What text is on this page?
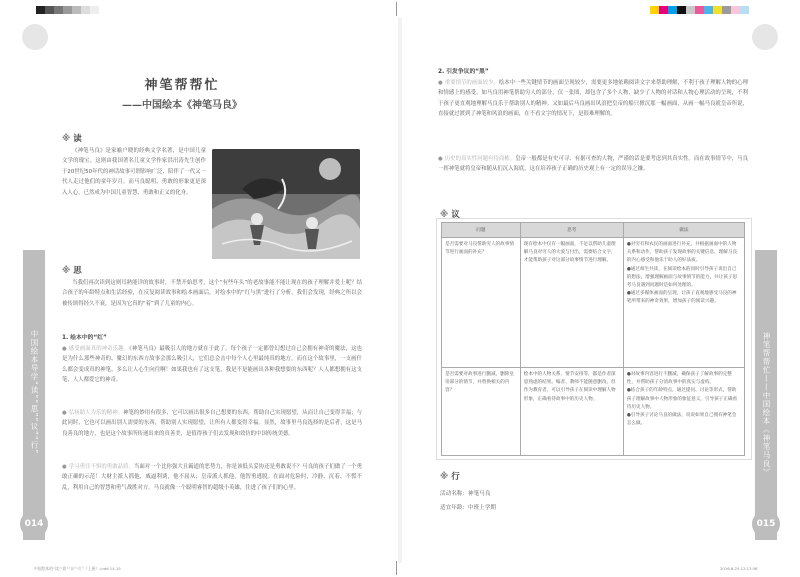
中国绘本导学“读”“思”“议”“行”
014
神笔帮帮忙——中国绘本《神笔马良》
015
神笔帮帮忙
——中国绘本《神笔马良》
※ 读

《神笔马良》是家喻户晓的经典文学名著，是中国儿童文学的瑰宝。这则由我国著名儿童文学作家洪汛涛先生创作于20世纪50年代的神话故事可谓影响广泛，陪伴了一代又一代人走过他们的童年岁月。而马良聪明、勇敢的形象更是深入人心，已然成为中国儿童智慧、勇敢和正义的化身。

※ 思

当我们再次读到这则耳熟能详的故事时，不禁开始思考，这个“有些年头”的老故事能不能让现在的孩子理解并爱上呢？结合孩子的年龄特点和生活经验，在反复阅读故事和绘本画面后，对绘本中的“红与黑”进行了分析。我们会发现，经典之所以会被传颂得经久不衰，是因为它真的“着”到了儿童的内心。

1. 绘本中的“红”
● 感受画面真的神奇乐趣。《神笔马良》最吸引人的地方就在于此了。每个孩子一定都曾幻想过自己会拥有神奇的魔法，这也是为什么那些神奇的、魔幻的东西方故事会那么吸引人，它们总会击中每个人心里最纯真的地方。而在这个故事里，一支画什么都会变成真的神笔，多么让人心生向往啊！如果我也有了这支笔，我是不是能画出各种我想要的东西呢？人人都想拥有这支笔，人人都爱它的神奇。
● 弘扬助人为乐的精神。神笔的妙用有很多，它可以画出很多自己想要的东西，帮助自己实现愿望，从而让自己变得幸福；与此同时，它也可以画出别人需要的东西，帮助别人实现愿望，让所有人都变得幸福。显然，故事里马良选择的是后者，这是马良善良的地方，也是这个故事所传递出来的真善美，是值得孩子们去发现和效仿的中国传统美德。
● 学习勇往不惧的勇敢品质。当面对一个比你强大且霸道的恶势力，你是该低头妥协还是勇敢说不？马良的孩子们做了一个勇敢正确的示范！大财主派人抓他，威逼利诱，他不屈从；皇帝派人抓他，他智勇逃脱。在面对危险时，冷静、沉着、不慌不乱，利用自己的智慧和勇气战胜对方。马良就像一个聪明睿智的超级小英雄，住进了孩子们的心里。
2. 引发争议的“黑”
● 重要情节的画面较少。绘本中一些关键情节的画面呈现较少，需要更多地依赖阅读文字来帮助理解，不利于孩子理解人物的心理和情感上的感受。如马良用神笔帮助穷人的部分，仅一张图，却包含了多个人物，缺少了人物的对话和人物心理活动的呈现，不利于孩子更直观地理解马良乐于帮助别人的精神。又如最后马良画出风浪把皇帝的船只掀沉那一幅画面，从画一幅马良就皇帝所说，直接就过渡到了神笔和风浪的画面，在不看文字的情况下，是很难理解的。
● 历史的真实性问题有待商榷。皇帝一般都是有史可寻、有据可查的人物，严谨的话是要考虑到其真实性。而在故事情节中，马良一挥神笔就将皇帝和随从们沉入海底，这在培养孩子正确的历史观上有一定的误导之嫌。
※ 议
问题	思考	做法
是否需要对马良帮助穷人的故事情节进行画面的补充？	现有绘本中仅有一幅画面，不足以帮助儿童理解马良对穷人的大爱与付出，需要结合文字，才能帮助孩子对这部分故事情节进行理解。	●对穷有和农民的画面进行补充，并根据画面中的人物关系和动作，帮助孩子发现故事的关键信息，理解马良的内心感受和他乐于助人的好品质。
●通过师生共读，在阅读绘本的同时引导孩子说出自己的想法，增强理解画面与故事情节的能力，并让孩子思考马良遇到问题时是如何处理的。
●通过多媒体画面的呈现，让孩子直观地感受马良的神笔所带来的神奇效果，增加孩子的阅读兴趣。
是否需要对故事进行删减，删除皇帝部分的情节，并替换相关的内容？	绘本中的人物关系、情节安排等，都是作者深思熟虑的结果。编者、教师不能随意删改。但作为教育者，可以引导孩子在阅读中理解人物形象，正确看待故事中的历史人物。	●对故事内容进行不删减，确保孩子了解故事的完整性，并帮助孩子分清故事中的真实与虚构。
●结合孩子的年龄特点，通过提问、讨论等形式，帮助孩子理解故事中人物形象的象征意义，引导孩子正确看待历史人物。
●引导孩子讨论马良的做法，说说如果自己拥有神笔会怎么做。
※ 行
活动名称：神笔马良
适宜年龄：中班上学期
中国绘本的“读”“思”“议”“行”（上册）.indd 14-15	2016.8.25 12:13:36
